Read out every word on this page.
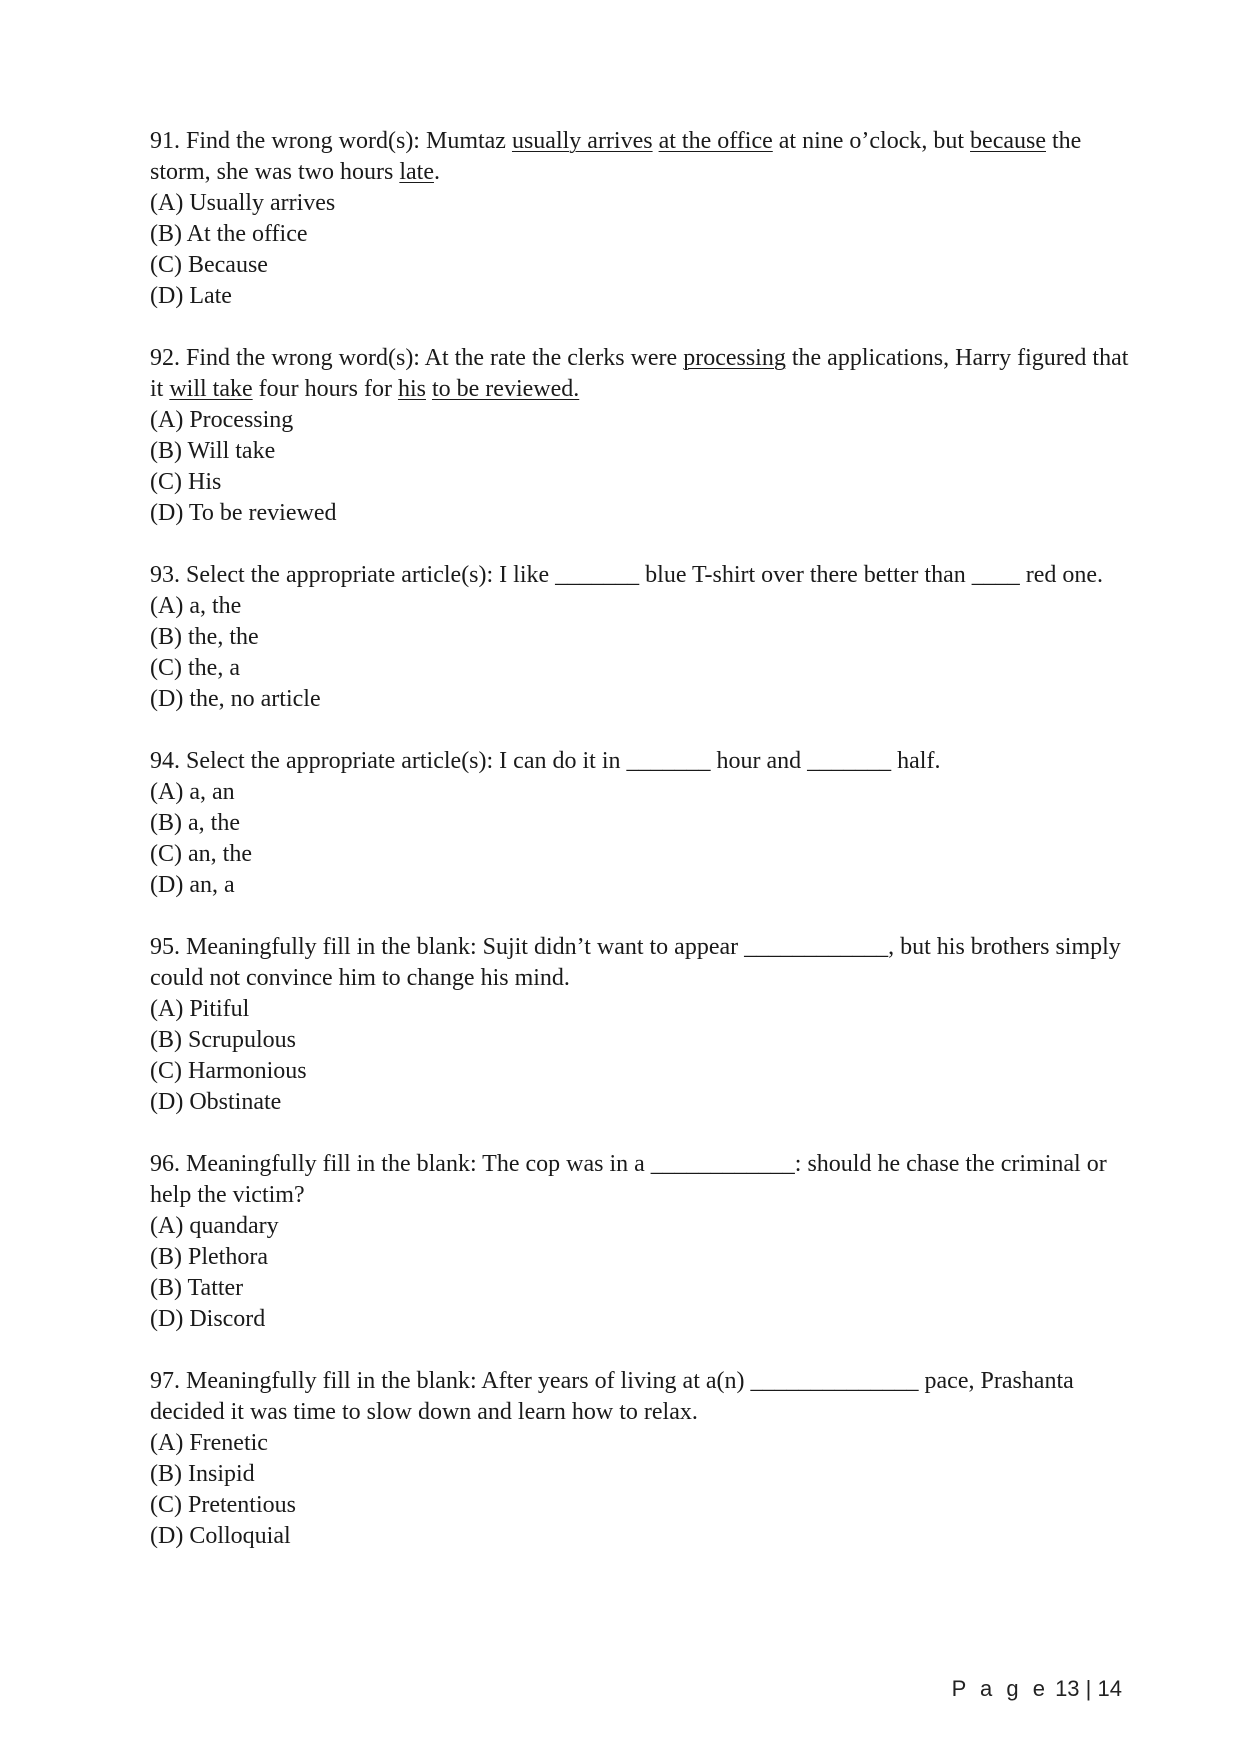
91. Find the wrong word(s): Mumtaz usually arrives at the office at nine o’clock, but because the storm, she was two hours late.

(A) Usually arrives
(B) At the office
(C) Because
(D) Late

92. Find the wrong word(s): At the rate the clerks were processing the applications, Harry figured that it will take four hours for his to be reviewed.

(A) Processing
(B) Will take
(C) His
(D) To be reviewed

93. Select the appropriate article(s): I like _______ blue T-shirt over there better than ____ red one.

(A) a, the
(B) the, the
(C) the, a
(D) the, no article

94. Select the appropriate article(s): I can do it in _______ hour and _______ half.

(A) a, an
(B) a, the
(C) an, the
(D) an, a

95. Meaningfully fill in the blank: Sujit didn’t want to appear ____________, but his brothers simply could not convince him to change his mind.

(A) Pitiful
(B) Scrupulous
(C) Harmonious
(D) Obstinate

96. Meaningfully fill in the blank: The cop was in a ____________: should he chase the criminal or help the victim?

(A) quandary
(B) Plethora
(B) Tatter
(D) Discord

97. Meaningfully fill in the blank: After years of living at a(n) ______________ pace, Prashanta decided it was time to slow down and learn how to relax.

(A) Frenetic
(B) Insipid
(C) Pretentious
(D) Colloquial
P a g e 13 | 14
